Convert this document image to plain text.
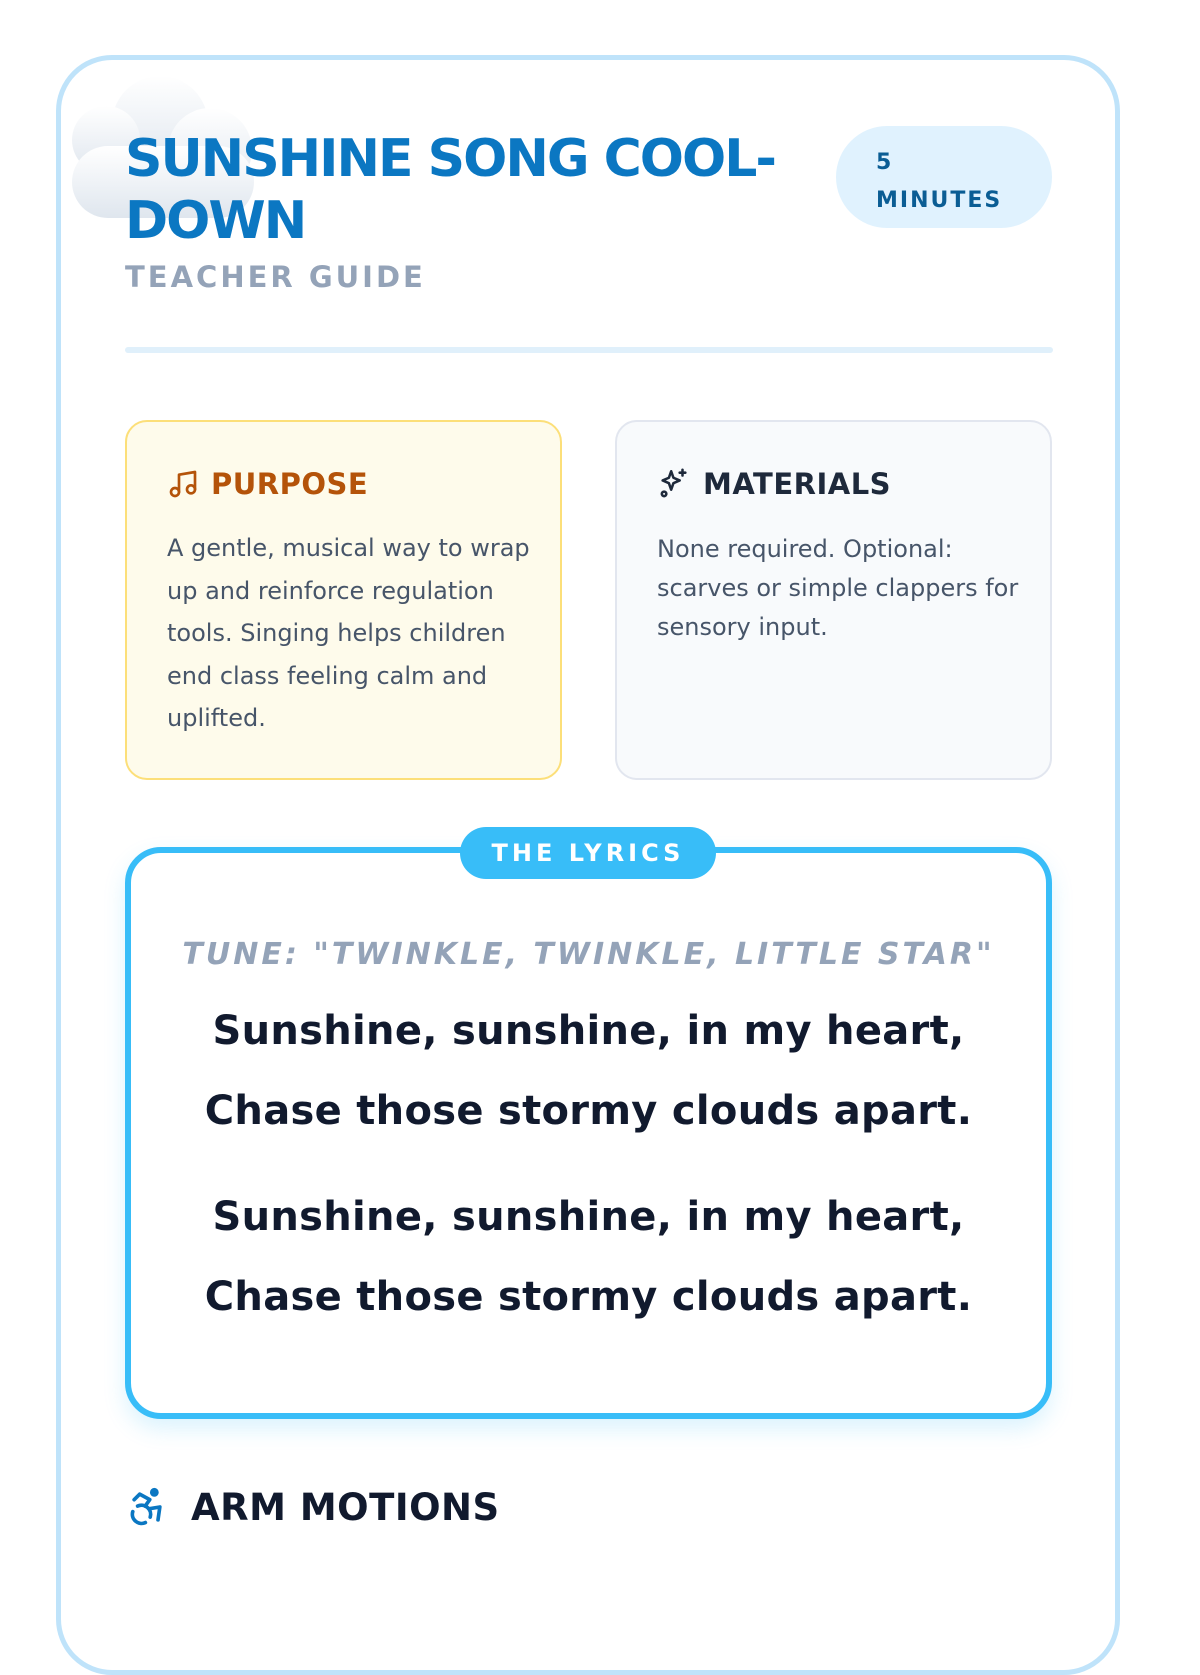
SUNSHINE SONG COOL-
DOWN
TEACHER GUIDE
5
MINUTES
PURPOSE
A gentle, musical way to wrap up and reinforce regulation tools. Singing helps children end class feeling calm and uplifted.
MATERIALS
None required. Optional: scarves or simple clappers for sensory input.
TUNE: "TWINKLE, TWINKLE, LITTLE STAR"
Sunshine, sunshine, in my heart,
Chase those stormy clouds apart.
Sunshine, sunshine, in my heart,
Chase those stormy clouds apart.
THE LYRICS
ARM MOTIONS
